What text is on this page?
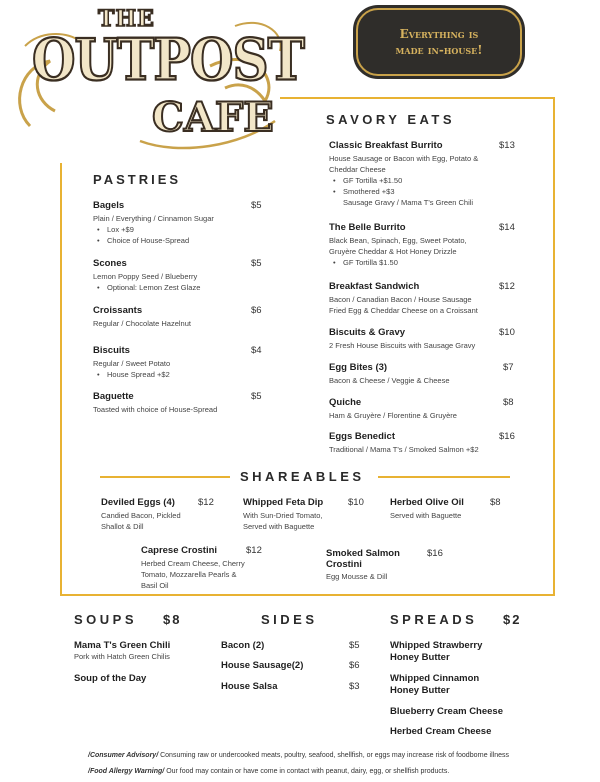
THE
OUTPOST
CAFE
Everything is
made in-house!
SAVORY EATS
Classic Breakfast Burrito	$13
House Sausage or Bacon with Egg, Potato &
Cheddar Cheese
• GF Tortilla +$1.50
• Smothered +$3
Sausage Gravy / Mama T's Green Chili
The Belle Burrito	$14
Black Bean, Spinach, Egg, Sweet Potato,
Gruyère Cheddar & Hot Honey Drizzle
• GF Tortilla $1.50
Breakfast Sandwich	$12
Bacon / Canadian Bacon / House Sausage
Fried Egg & Cheddar Cheese on a Croissant
Biscuits & Gravy	$10
2 Fresh House Biscuits with Sausage Gravy
Egg Bites (3)	$7
Bacon & Cheese / Veggie & Cheese
Quiche	$8
Ham & Gruyère / Florentine & Gruyère
Eggs Benedict	$16
Traditional / Mama T's / Smoked Salmon +$2
PASTRIES
Bagels	$5
Plain / Everything / Cinnamon Sugar
• Lox +$9
• Choice of House-Spread
Scones	$5
Lemon Poppy Seed / Blueberry
• Optional: Lemon Zest Glaze
Croissants	$6
Regular / Chocolate Hazelnut
Biscuits	$4
Regular / Sweet Potato
• House Spread +$2
Baguette	$5
Toasted with choice of House-Spread
SHAREABLES
Deviled Eggs (4)	$12
Candied Bacon, Pickled
Shallot & Dill
Whipped Feta Dip	$10
With Sun-Dried Tomato,
Served with Baguette
Herbed Olive Oil	$8
Served with Baguette
Caprese Crostini	$12
Herbed Cream Cheese, Cherry
Tomato, Mozzarella Pearls &
Basil Oil
Smoked Salmon
Crostini
$16
Egg Mousse & Dill
SOUPS $8
Mama T's Green Chili
Pork with Hatch Green Chilis
Soup of the Day
SIDES
Bacon (2)	$5
House Sausage(2)	$6
House Salsa	$3
SPREADS $2
Whipped Strawberry
Honey Butter
Whipped Cinnamon
Honey Butter
Blueberry Cream Cheese
Herbed Cream Cheese
/Consumer Advisory/ Consuming raw or undercooked meats, poultry, seafood, shellfish, or eggs may increase risk of foodborne illness
/Food Allergy Warning/ Our food may contain or have come in contact with peanut, dairy, egg, or shellfish products.
